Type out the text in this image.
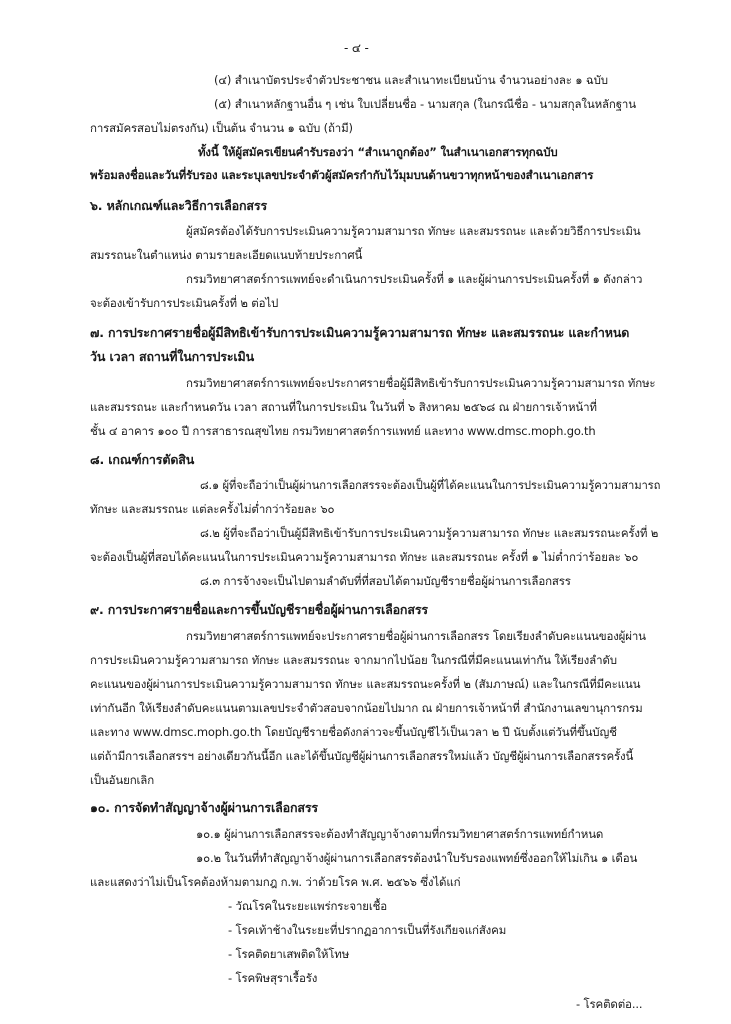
- ๔ -
(๔) สำเนาบัตรประจำตัวประชาชน และสำเนาทะเบียนบ้าน จำนวนอย่างละ ๑ ฉบับ
(๕) สำเนาหลักฐานอื่น ๆ เช่น ใบเปลี่ยนชื่อ - นามสกุล (ในกรณีชื่อ - นามสกุลในหลักฐาน
การสมัครสอบไม่ตรงกัน) เป็นต้น จำนวน ๑ ฉบับ (ถ้ามี)
ทั้งนี้ ให้ผู้สมัครเขียนคำรับรองว่า “สำเนาถูกต้อง” ในสำเนาเอกสารทุกฉบับ
พร้อมลงชื่อและวันที่รับรอง และระบุเลขประจำตัวผู้สมัครกำกับไว้มุมบนด้านขวาทุกหน้าของสำเนาเอกสาร
๖. หลักเกณฑ์และวิธีการเลือกสรร
ผู้สมัครต้องได้รับการประเมินความรู้ความสามารถ ทักษะ และสมรรถนะ และด้วยวิธีการประเมิน
สมรรถนะในตำแหน่ง ตามรายละเอียดแนบท้ายประกาศนี้
กรมวิทยาศาสตร์การแพทย์จะดำเนินการประเมินครั้งที่ ๑ และผู้ผ่านการประเมินครั้งที่ ๑ ดังกล่าว
จะต้องเข้ารับการประเมินครั้งที่ ๒ ต่อไป
๗. การประกาศรายชื่อผู้มีสิทธิเข้ารับการประเมินความรู้ความสามารถ ทักษะ และสมรรถนะ และกำหนด
วัน เวลา สถานที่ในการประเมิน
กรมวิทยาศาสตร์การแพทย์จะประกาศรายชื่อผู้มีสิทธิเข้ารับการประเมินความรู้ความสามารถ ทักษะ
และสมรรถนะ และกำหนดวัน เวลา สถานที่ในการประเมิน ในวันที่ ๖ สิงหาคม ๒๕๖๘ ณ ฝ่ายการเจ้าหน้าที่
ชั้น ๔ อาคาร ๑๐๐ ปี การสาธารณสุขไทย กรมวิทยาศาสตร์การแพทย์ และทาง www.dmsc.moph.go.th
๘. เกณฑ์การตัดสิน
๘.๑ ผู้ที่จะถือว่าเป็นผู้ผ่านการเลือกสรรจะต้องเป็นผู้ที่ได้คะแนนในการประเมินความรู้ความสามารถ
ทักษะ และสมรรถนะ แต่ละครั้งไม่ต่ำกว่าร้อยละ ๖๐
๘.๒ ผู้ที่จะถือว่าเป็นผู้มีสิทธิเข้ารับการประเมินความรู้ความสามารถ ทักษะ และสมรรถนะครั้งที่ ๒
จะต้องเป็นผู้ที่สอบได้คะแนนในการประเมินความรู้ความสามารถ ทักษะ และสมรรถนะ ครั้งที่ ๑ ไม่ต่ำกว่าร้อยละ ๖๐
๘.๓ การจ้างจะเป็นไปตามลำดับที่ที่สอบได้ตามบัญชีรายชื่อผู้ผ่านการเลือกสรร
๙. การประกาศรายชื่อและการขึ้นบัญชีรายชื่อผู้ผ่านการเลือกสรร
กรมวิทยาศาสตร์การแพทย์จะประกาศรายชื่อผู้ผ่านการเลือกสรร โดยเรียงลำดับคะแนนของผู้ผ่าน
การประเมินความรู้ความสามารถ ทักษะ และสมรรถนะ จากมากไปน้อย ในกรณีที่มีคะแนนเท่ากัน ให้เรียงลำดับ
คะแนนของผู้ผ่านการประเมินความรู้ความสามารถ ทักษะ และสมรรถนะครั้งที่ ๒ (สัมภาษณ์) และในกรณีที่มีคะแนน
เท่ากันอีก ให้เรียงลำดับคะแนนตามเลขประจำตัวสอบจากน้อยไปมาก ณ ฝ่ายการเจ้าหน้าที่ สำนักงานเลขานุการกรม
และทาง www.dmsc.moph.go.th โดยบัญชีรายชื่อดังกล่าวจะขึ้นบัญชีไว้เป็นเวลา ๒ ปี นับตั้งแต่วันที่ขึ้นบัญชี
แต่ถ้ามีการเลือกสรรฯ อย่างเดียวกันนี้อีก และได้ขึ้นบัญชีผู้ผ่านการเลือกสรรใหม่แล้ว บัญชีผู้ผ่านการเลือกสรรครั้งนี้
เป็นอันยกเลิก
๑๐. การจัดทำสัญญาจ้างผู้ผ่านการเลือกสรร
๑๐.๑ ผู้ผ่านการเลือกสรรจะต้องทำสัญญาจ้างตามที่กรมวิทยาศาสตร์การแพทย์กำหนด
๑๐.๒ ในวันที่ทำสัญญาจ้างผู้ผ่านการเลือกสรรต้องนำใบรับรองแพทย์ซึ่งออกให้ไม่เกิน ๑ เดือน
และแสดงว่าไม่เป็นโรคต้องห้ามตามกฎ ก.พ. ว่าด้วยโรค พ.ศ. ๒๕๖๖ ซึ่งได้แก่
- วัณโรคในระยะแพร่กระจายเชื้อ
- โรคเท้าช้างในระยะที่ปรากฏอาการเป็นที่รังเกียจแก่สังคม
- โรคติดยาเสพติดให้โทษ
- โรคพิษสุราเรื้อรัง
- โรคติดต่อ...
